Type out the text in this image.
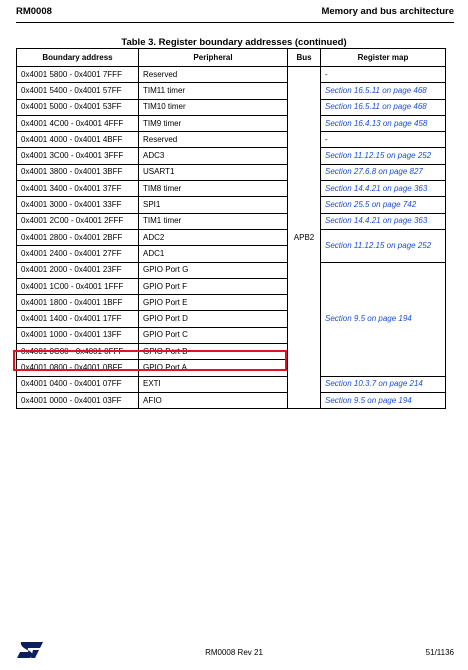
RM0008	Memory and bus architecture
Table 3. Register boundary addresses (continued)
Boundary address	Peripheral	Bus	Register map
0x4001 5800 - 0x4001 7FFF	Reserved	APB2	-
0x4001 5400 - 0x4001 57FF	TIM11 timer		Section 16.5.11 on page 468
0x4001 5000 - 0x4001 53FF	TIM10 timer		Section 16.5.11 on page 468
0x4001 4C00 - 0x4001 4FFF	TIM9 timer		Section 16.4.13 on page 458
0x4001 4000 - 0x4001 4BFF	Reserved		-
0x4001 3C00 - 0x4001 3FFF	ADC3		Section 11.12.15 on page 252
0x4001 3800 - 0x4001 3BFF	USART1		Section 27.6.8 on page 827
0x4001 3400 - 0x4001 37FF	TIM8 timer		Section 14.4.21 on page 363
0x4001 3000 - 0x4001 33FF	SPI1		Section 25.5 on page 742
0x4001 2C00 - 0x4001 2FFF	TIM1 timer		Section 14.4.21 on page 363
0x4001 2800 - 0x4001 2BFF	ADC2		Section 11.12.15 on page 252
0x4001 2400 - 0x4001 27FF	ADC1		
0x4001 2000 - 0x4001 23FF	GPIO Port G		Section 9.5 on page 194
0x4001 1C00 - 0x4001 1FFF	GPIO Port F		
0x4001 1800 - 0x4001 1BFF	GPIO Port E		
0x4001 1400 - 0x4001 17FF	GPIO Port D		
0x4001 1000 - 0x4001 13FF	GPIO Port C		
0x4001 0C00 - 0x4001 0FFF	GPIO Port B		
0x4001 0800 - 0x4001 0BFF	GPIO Port A		
0x4001 0400 - 0x4001 07FF	EXTI		Section 10.3.7 on page 214
0x4001 0000 - 0x4001 03FF	AFIO		Section 9.5 on page 194
RM0008 Rev 21	51/1136
